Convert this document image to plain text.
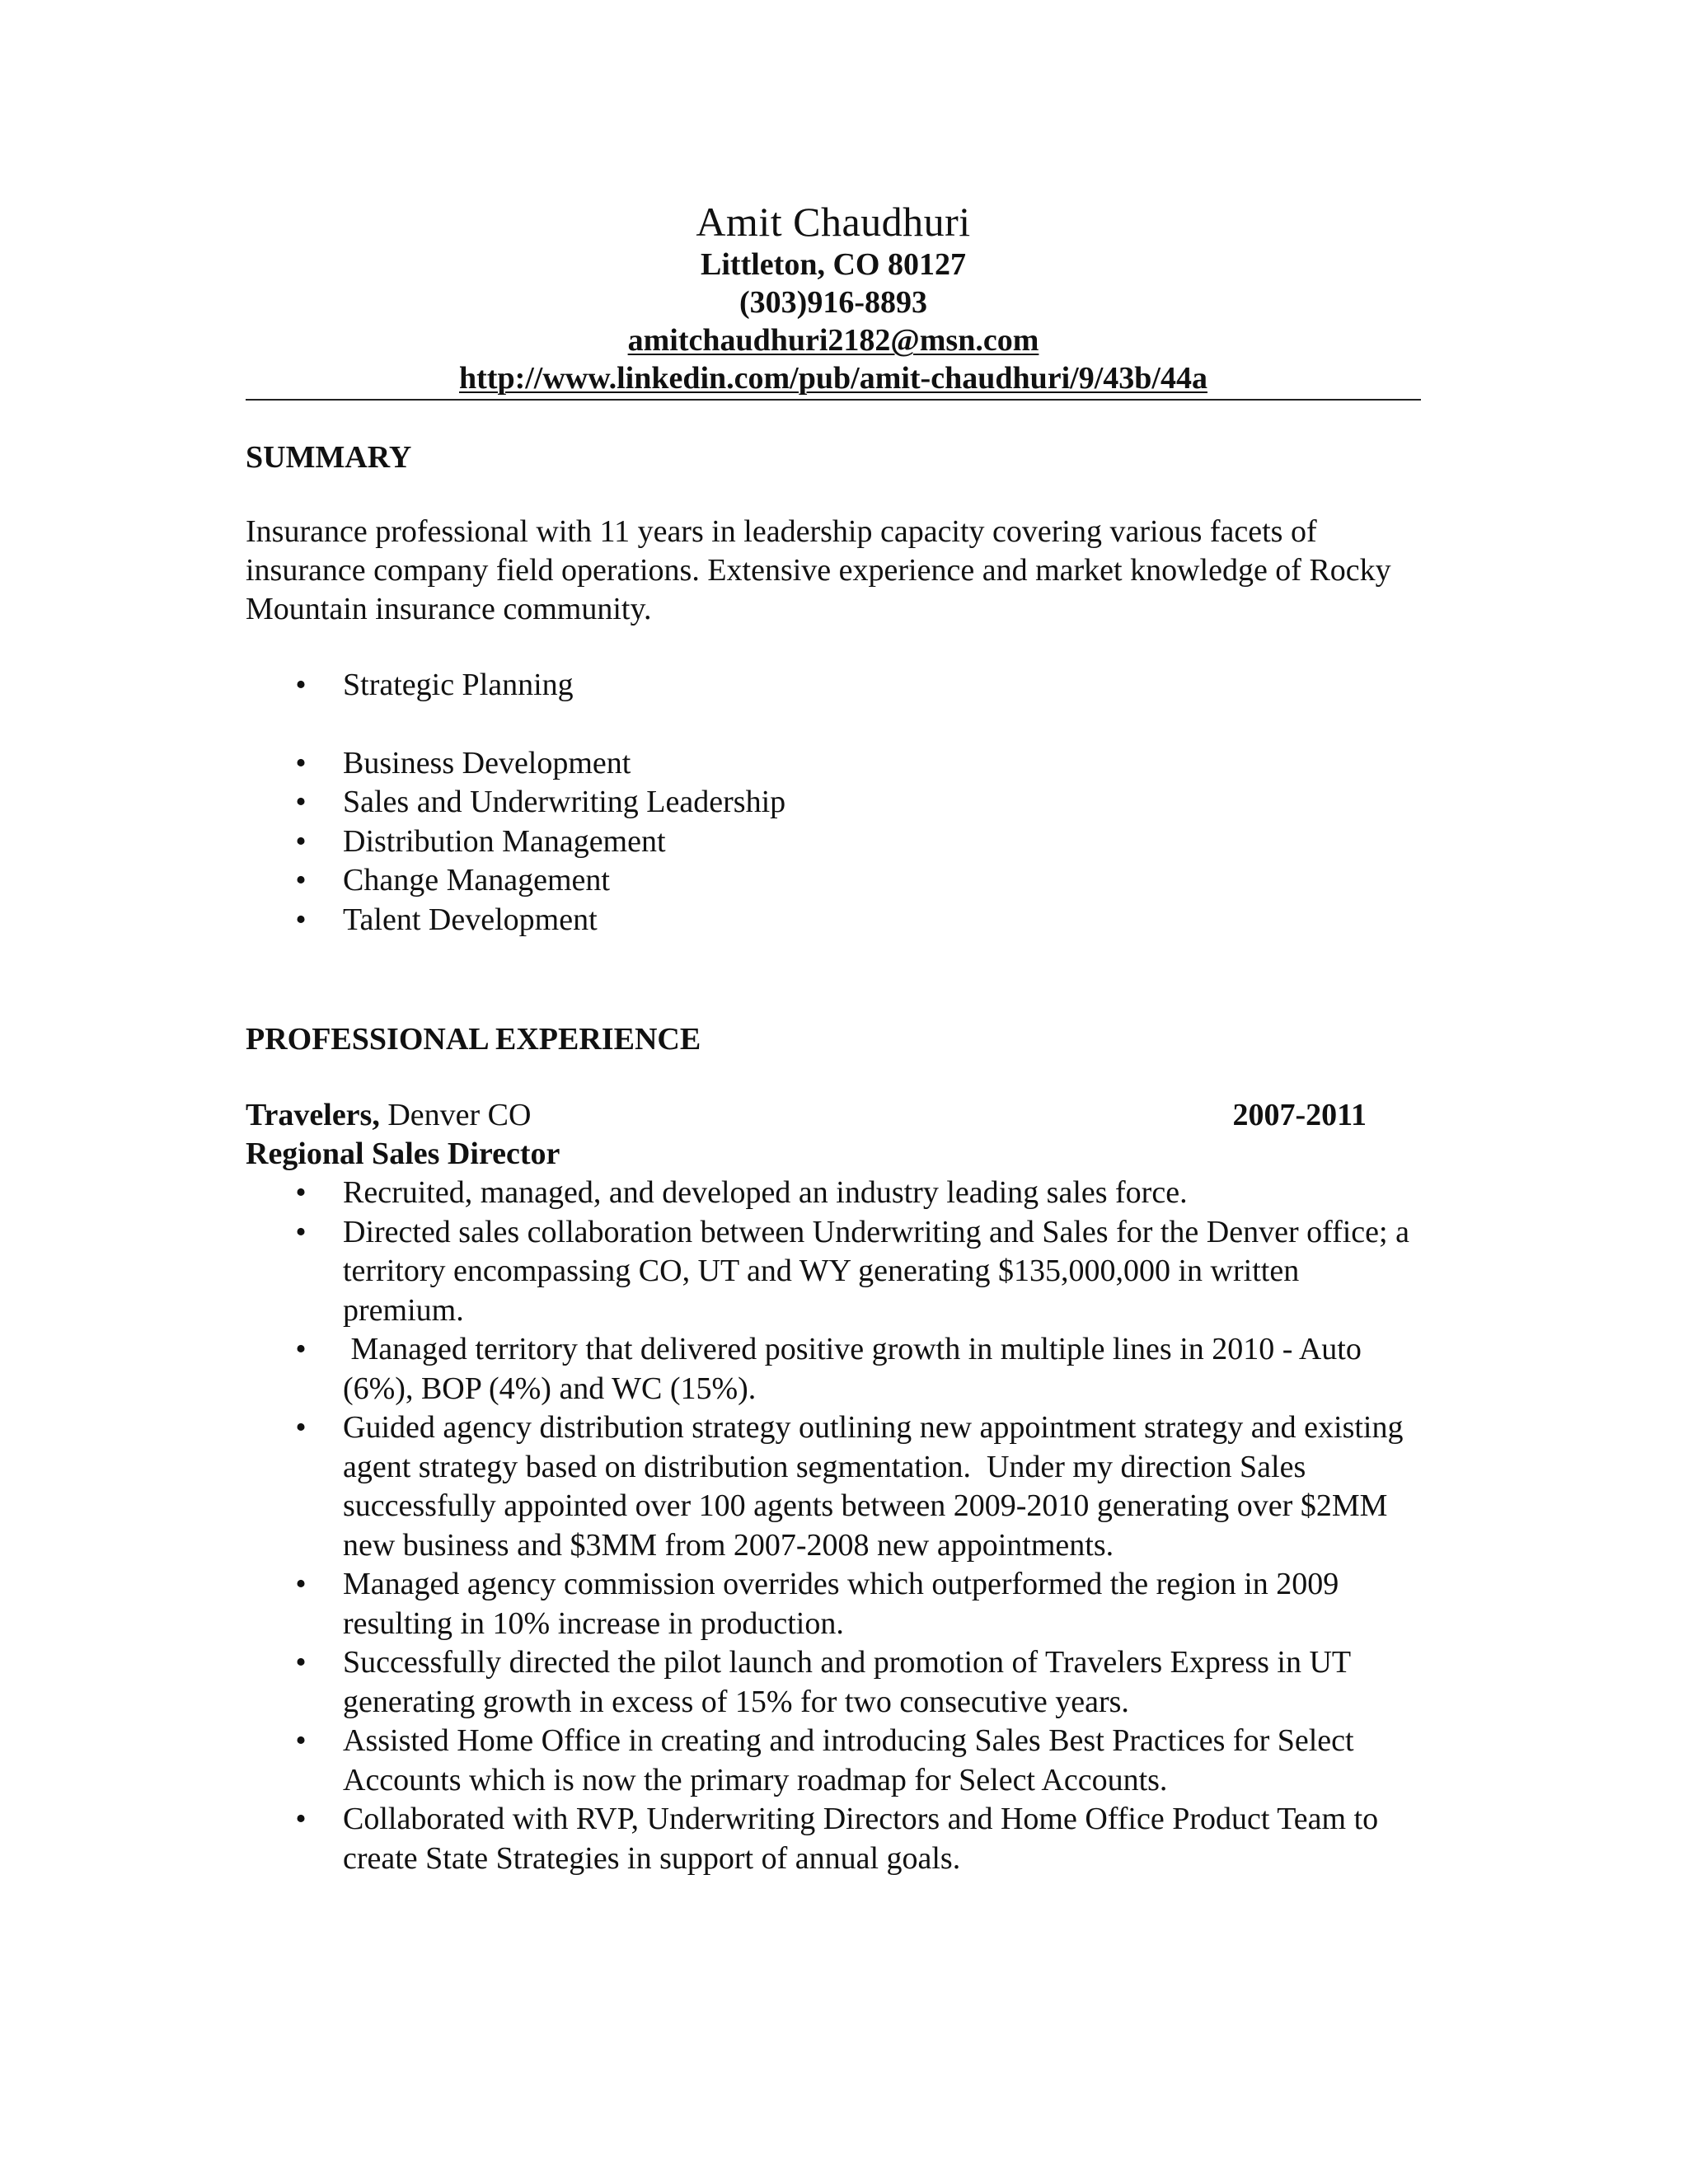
Amit Chaudhuri

Littleton, CO 80127

(303)916-8893

amitchaudhuri2182@msn.com

http://www.linkedin.com/pub/amit-chaudhuri/9/43b/44a

SUMMARY

Insurance professional with 11 years in leadership capacity covering various facets of insurance company field operations. Extensive experience and market knowledge of Rocky Mountain insurance community.

• Strategic Planning
• Business Development
• Sales and Underwriting Leadership
• Distribution Management
• Change Management
• Talent Development

PROFESSIONAL EXPERIENCE

Travelers, Denver CO	2007-2011
Regional Sales Director
• Recruited, managed, and developed an industry leading sales force.
• Directed sales collaboration between Underwriting and Sales for the Denver office; a territory encompassing CO, UT and WY generating $135,000,000 in written premium.
• Managed territory that delivered positive growth in multiple lines in 2010 - Auto (6%), BOP (4%) and WC (15%).
• Guided agency distribution strategy outlining new appointment strategy and existing agent strategy based on distribution segmentation.  Under my direction Sales successfully appointed over 100 agents between 2009-2010 generating over $2MM new business and $3MM from 2007-2008 new appointments.
• Managed agency commission overrides which outperformed the region in 2009 resulting in 10% increase in production.
• Successfully directed the pilot launch and promotion of Travelers Express in UT generating growth in excess of 15% for two consecutive years.
• Assisted Home Office in creating and introducing Sales Best Practices for Select Accounts which is now the primary roadmap for Select Accounts.
• Collaborated with RVP, Underwriting Directors and Home Office Product Team to create State Strategies in support of annual goals.
